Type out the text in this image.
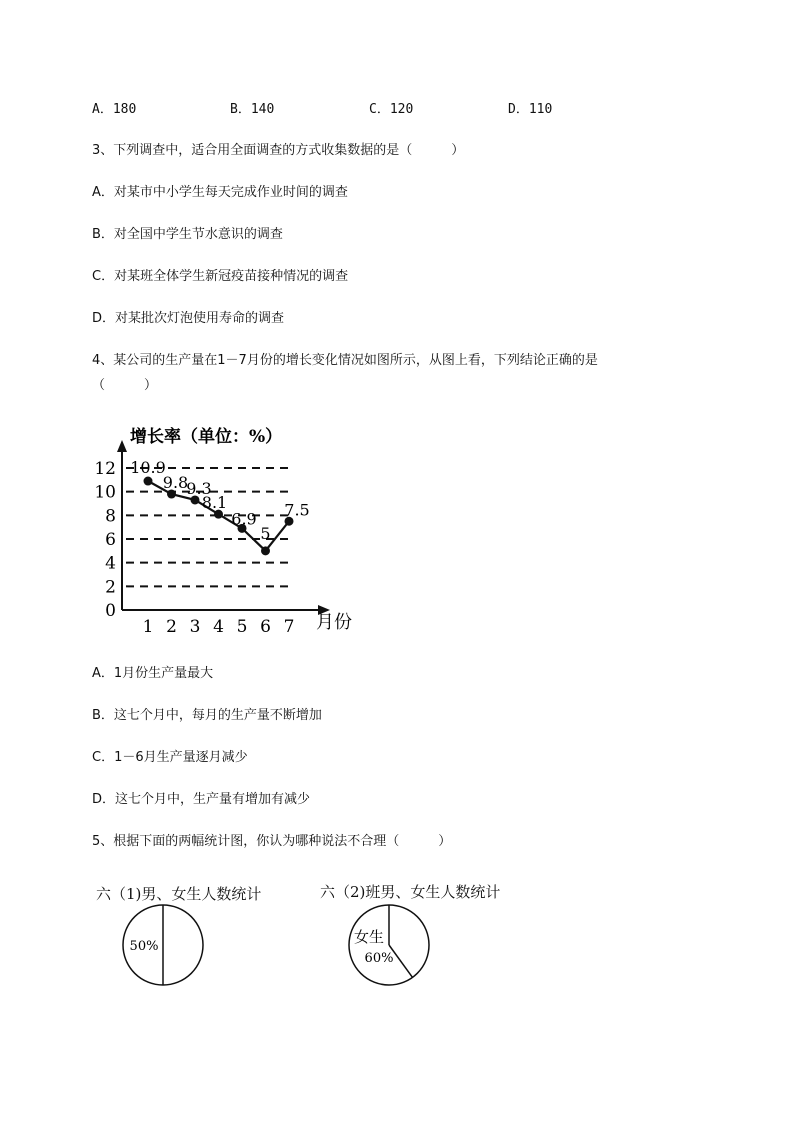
A．180	B．140	C．120	D．110
3、下列调查中，适合用全面调查的方式收集数据的是（　　　）
A．对某市中小学生每天完成作业时间的调查
B．对全国中学生节水意识的调查
C．对某班全体学生新冠疫苗接种情况的调查
D．对某批次灯泡使用寿命的调查
4、某公司的生产量在1－7月份的增长变化情况如图所示，从图上看，下列结论正确的是
（　　　）
增长率（单位：%）
月份
0
2
4
6
8
10
12
1 2 3 4 5 6 7
10.9
9.8
9.3
8.1
6.9
5
7.5
A．1月份生产量最大
B．这七个月中，每月的生产量不断增加
C．1－6月生产量逐月减少
D．这七个月中，生产量有增加有减少
5、根据下面的两幅统计图，你认为哪种说法不合理（　　　）
六（1)男、女生人数统计
50%
六（2)班男、女生人数统计
女生
60%
